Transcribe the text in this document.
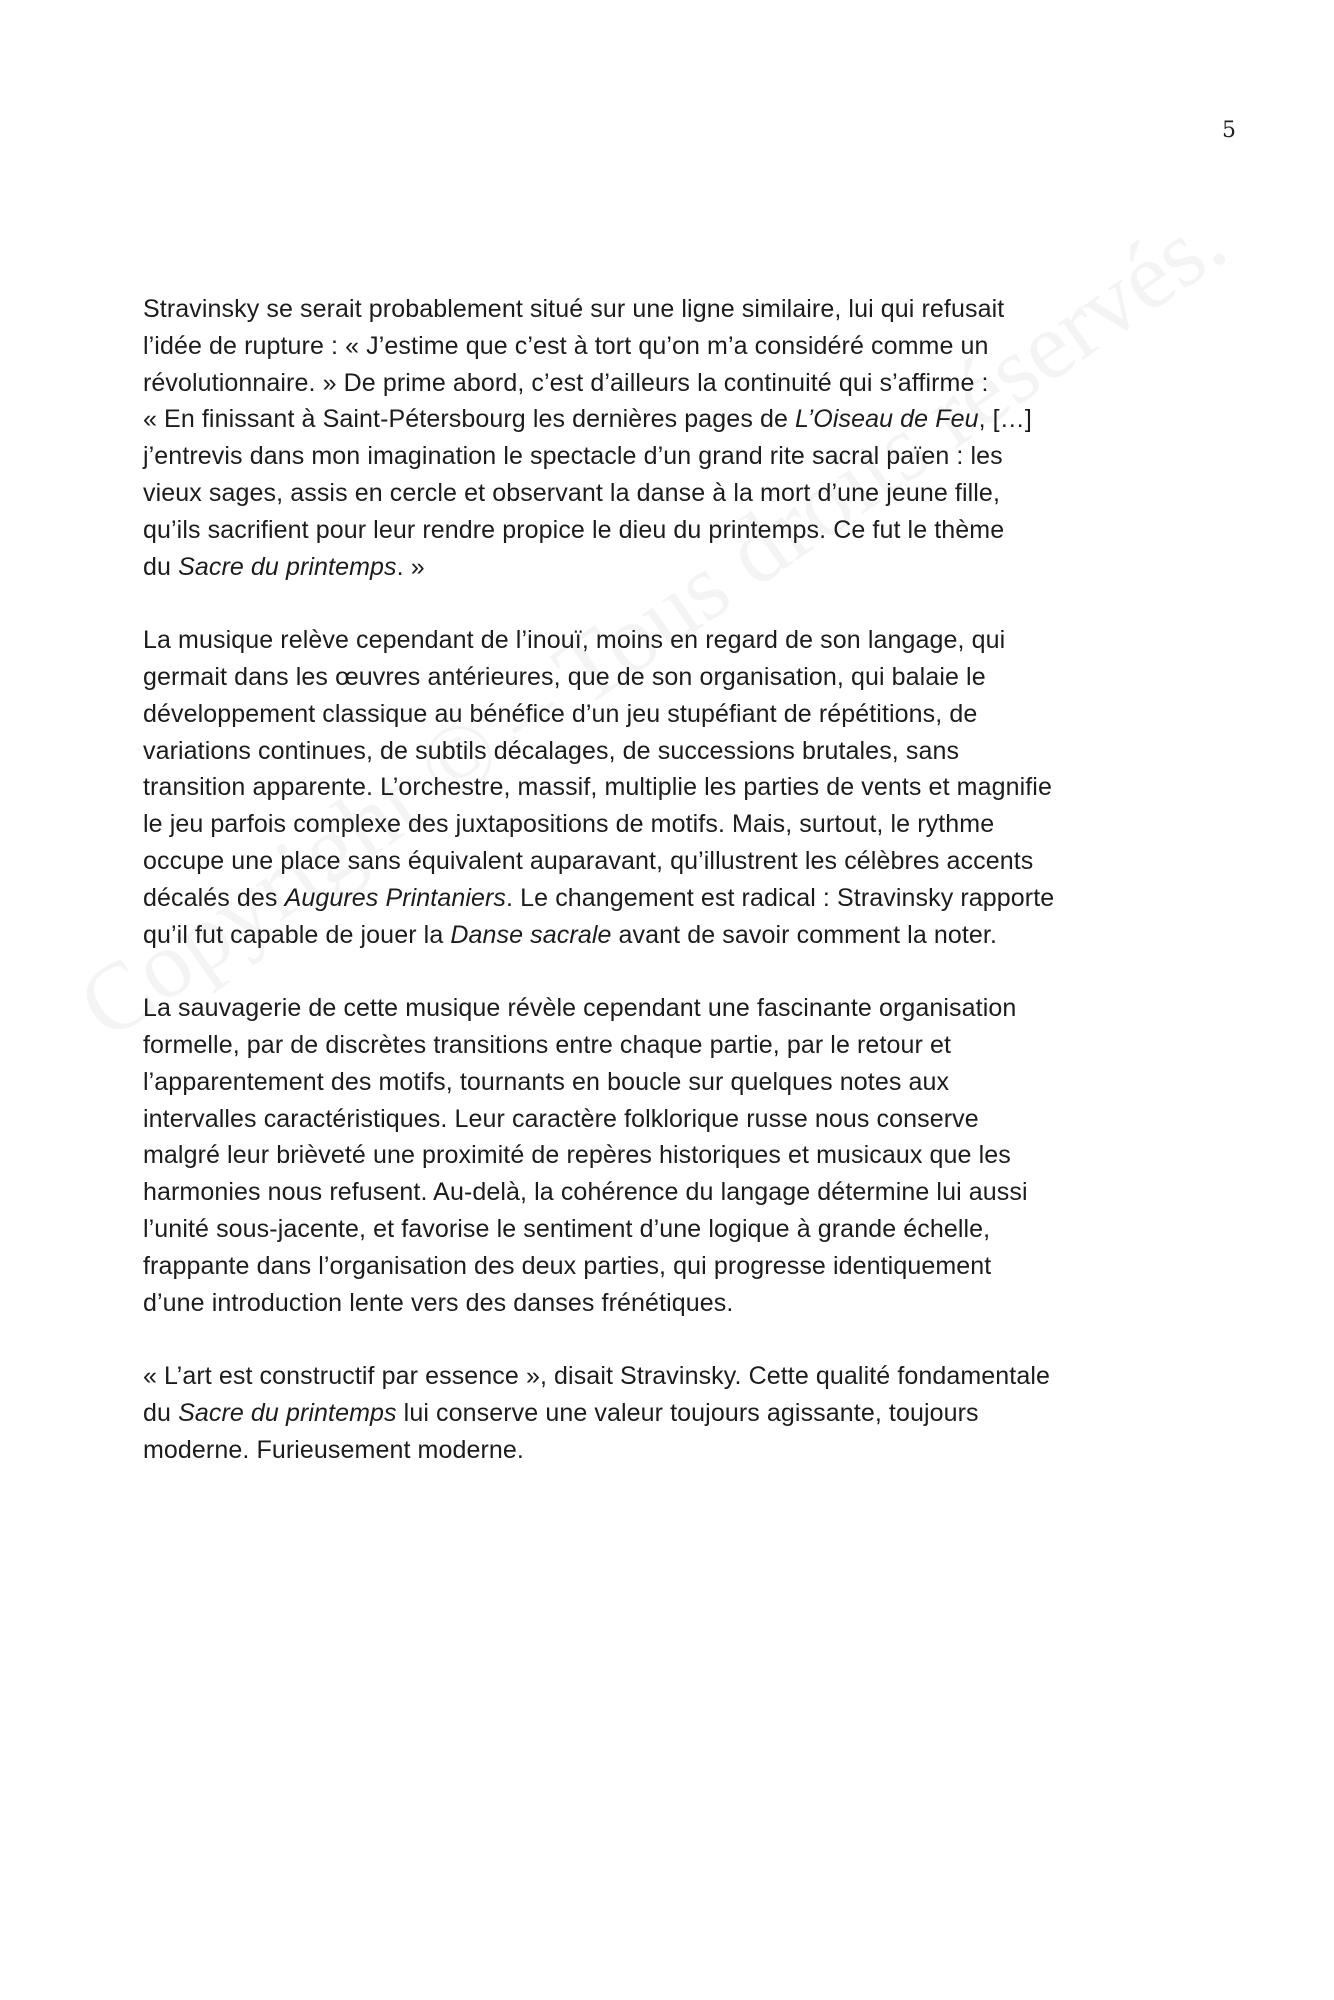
5

Stravinsky se serait probablement situé sur une ligne similaire, lui qui refusait
l’idée de rupture : « J’estime que c’est à tort qu’on m’a considéré comme un
révolutionnaire. » De prime abord, c’est d’ailleurs la continuité qui s’affirme :
« En finissant à Saint-Pétersbourg les dernières pages de L’Oiseau de Feu, […]
j’entrevis dans mon imagination le spectacle d’un grand rite sacral païen : les
vieux sages, assis en cercle et observant la danse à la mort d’une jeune fille,
qu’ils sacrifient pour leur rendre propice le dieu du printemps. Ce fut le thème
du Sacre du printemps. »

La musique relève cependant de l’inouï, moins en regard de son langage, qui
germait dans les œuvres antérieures, que de son organisation, qui balaie le
développement classique au bénéfice d’un jeu stupéfiant de répétitions, de
variations continues, de subtils décalages, de successions brutales, sans
transition apparente. L’orchestre, massif, multiplie les parties de vents et magnifie
le jeu parfois complexe des juxtapositions de motifs. Mais, surtout, le rythme
occupe une place sans équivalent auparavant, qu’illustrent les célèbres accents
décalés des Augures Printaniers. Le changement est radical : Stravinsky rapporte
qu’il fut capable de jouer la Danse sacrale avant de savoir comment la noter.

La sauvagerie de cette musique révèle cependant une fascinante organisation
formelle, par de discrètes transitions entre chaque partie, par le retour et
l’apparentement des motifs, tournants en boucle sur quelques notes aux
intervalles caractéristiques. Leur caractère folklorique russe nous conserve
malgré leur brièveté une proximité de repères historiques et musicaux que les
harmonies nous refusent. Au-delà, la cohérence du langage détermine lui aussi
l’unité sous-jacente, et favorise le sentiment d’une logique à grande échelle,
frappante dans l’organisation des deux parties, qui progresse identiquement
d’une introduction lente vers des danses frénétiques.

« L’art est constructif par essence », disait Stravinsky. Cette qualité fondamentale
du Sacre du printemps lui conserve une valeur toujours agissante, toujours
moderne. Furieusement moderne.
